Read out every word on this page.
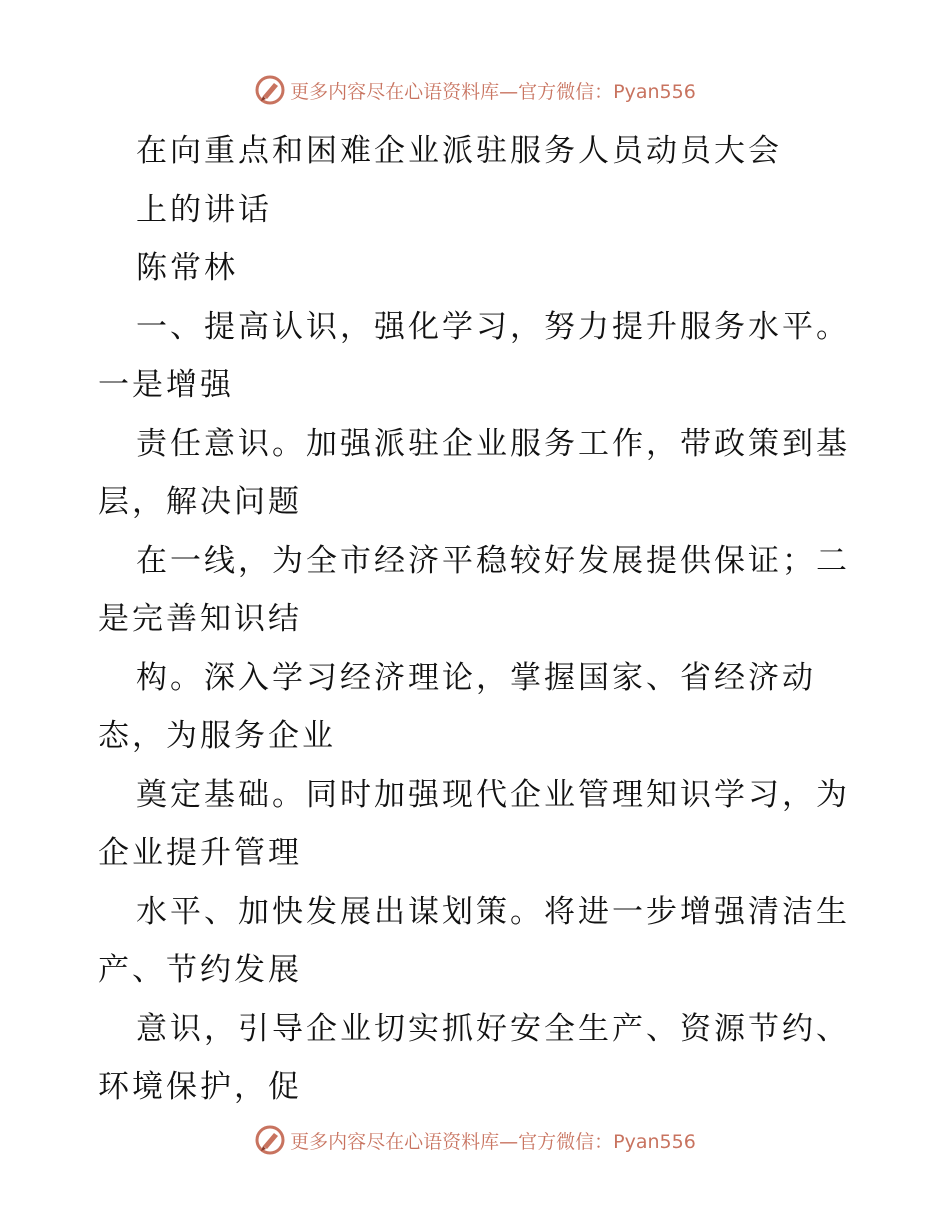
更多内容尽在心语资料库—官方微信：Pyan556

在向重点和困难企业派驻服务人员动员大会

上的讲话

陈常林

一、提高认识，强化学习，努力提升服务水平。一是增强

责任意识。加强派驻企业服务工作，带政策到基层，解决问题

在一线，为全市经济平稳较好发展提供保证；二是完善知识结

构。深入学习经济理论，掌握国家、省经济动态，为服务企业

奠定基础。同时加强现代企业管理知识学习，为企业提升管理

水平、加快发展出谋划策。将进一步增强清洁生产、节约发展

意识，引导企业切实抓好安全生产、资源节约、环境保护，促

更多内容尽在心语资料库—官方微信：Pyan556
